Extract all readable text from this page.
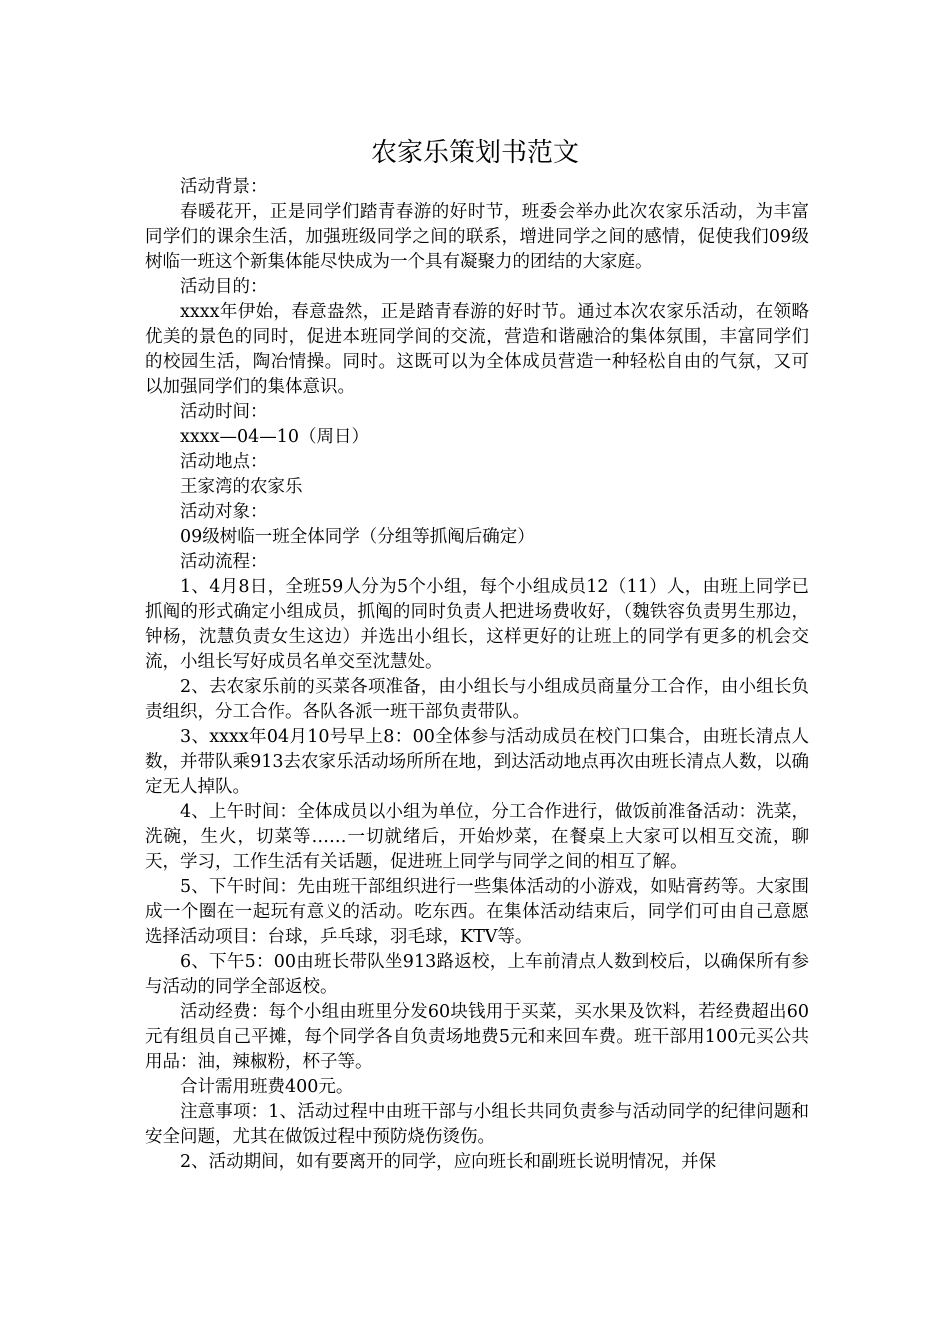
农家乐策划书范文

活动背景：

春暖花开，正是同学们踏青春游的好时节，班委会举办此次农家乐活动，为丰富同学们的课余生活，加强班级同学之间的联系，增进同学之间的感情，促使我们09级树临一班这个新集体能尽快成为一个具有凝聚力的团结的大家庭。

活动目的：

xxxx年伊始，春意盎然，正是踏青春游的好时节。通过本次农家乐活动，在领略优美的景色的同时，促进本班同学间的交流，营造和谐融洽的集体氛围，丰富同学们的校园生活，陶冶情操。同时。这既可以为全体成员营造一种轻松自由的气氛，又可以加强同学们的集体意识。

活动时间：

xxxx—04—10（周日）

活动地点：

王家湾的农家乐

活动对象：

09级树临一班全体同学（分组等抓阄后确定）

活动流程：

1、4月8日，全班59人分为5个小组，每个小组成员12（11）人，由班上同学已抓阄的形式确定小组成员，抓阄的同时负责人把进场费收好，（魏铁容负责男生那边，钟杨，沈慧负责女生这边）并选出小组长，这样更好的让班上的同学有更多的机会交流，小组长写好成员名单交至沈慧处。

2、去农家乐前的买菜各项准备，由小组长与小组成员商量分工合作，由小组长负责组织，分工合作。各队各派一班干部负责带队。

3、xxxx年04月10号早上8：00全体参与活动成员在校门口集合，由班长清点人数，并带队乘913去农家乐活动场所所在地，到达活动地点再次由班长清点人数，以确定无人掉队。

4、上午时间：全体成员以小组为单位，分工合作进行，做饭前准备活动：洗菜，洗碗，生火，切菜等……一切就绪后，开始炒菜，在餐桌上大家可以相互交流，聊天，学习，工作生活有关话题，促进班上同学与同学之间的相互了解。

5、下午时间：先由班干部组织进行一些集体活动的小游戏，如贴膏药等。大家围成一个圈在一起玩有意义的活动。吃东西。在集体活动结束后，同学们可由自己意愿选择活动项目：台球，乒乓球，羽毛球，KTV等。

6、下午5：00由班长带队坐913路返校，上车前清点人数到校后，以确保所有参与活动的同学全部返校。

活动经费：每个小组由班里分发60块钱用于买菜，买水果及饮料，若经费超出60元有组员自己平摊，每个同学各自负责场地费5元和来回车费。班干部用100元买公共用品：油，辣椒粉，杯子等。

合计需用班费400元。

注意事项：1、活动过程中由班干部与小组长共同负责参与活动同学的纪律问题和安全问题，尤其在做饭过程中预防烧伤烫伤。

2、活动期间，如有要离开的同学，应向班长和副班长说明情况，并保
